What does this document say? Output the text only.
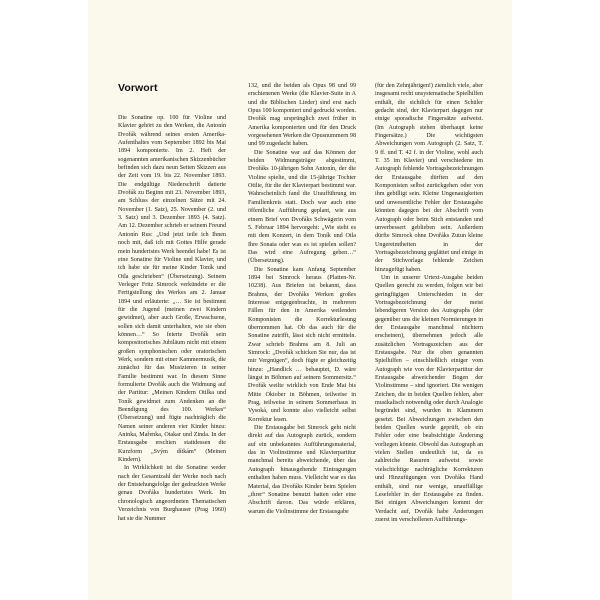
Vorwort

Die Sonatine op. 100 für Violine und Klavier gehört zu den Werken, die Antonín Dvořák während seines ersten Amerika-Aufenthaltes vom September 1892 bis Mai 1894 komponierte. Im 2. Heft der sogenannten amerikanischen Skizzenbücher befinden sich dazu neun Seiten Skizzen aus der Zeit vom 19. bis 22. November 1893. Die endgültige Niederschrift datierte Dvořák zu Beginn mit 23. November 1893, am Schluss der einzelnen Sätze mit 24. November (1. Satz), 25. November (2. und 3. Satz) und 3. Dezember 1893 (4. Satz). Am 12. Dezember schrieb er seinem Freund Antonín Rus: „Und jetzt teile ich Ihnen noch mit, daß ich mit Gottes Hilfe gerade mein hundertstes Werk beendet habe! Es ist eine Sonatine für Violine und Klavier, und ich habe sie für meine Kinder Toník und Otla geschrieben“ (Übersetzung). Seinem Verleger Fritz Simrock verkündete er die Fertigstellung des Werkes am 2. Januar 1894 und erläuterte: „… Sie ist bestimmt für die Jugend (meinen zwei Kindern gewidmet), aber auch Große, Erwachsene, sollen sich damit unterhalten, wie sie eben können…“ So feierte Dvořák sein kompositorisches Jubiläum nicht mit einem großen symphonischen oder oratorischen Werk, sondern mit einer Kammermusik, die zunächst für das Musizieren in seiner Familie bestimmt war. In diesem Sinne formulierte Dvořák auch die Widmung auf der Partitur: „Meinen Kindern Otilka und Toník gewidmet zum Andenken an die Beendigung des 100. Werkes“ (Übersetzung) und fügte nachträglich die Namen seiner anderen vier Kinder hinzu: Aninka, Mařenka, Otakar und Zinda. In der Erstausgabe erschien stattdessen die Kurzform „Svým dítkám“ (Meinen Kindern).

In Wirklichkeit ist die Sonatine weder nach der Gesamtzahl der Werke noch nach der Entstehungsfolge der gedruckten Werke genau Dvořáks hundertstes Werk. Im chronologisch angeordneten Thematischen Verzeichnis von Burghauser (Prag 1960) hat sie die Nummer

132, und die beiden als Opus 98 und 99 erschienenen Werke (die Klavier-Suite in A und die Biblischen Lieder) sind erst nach Opus 100 komponiert und gedruckt worden. Dvořák mag ursprünglich zwei früher in Amerika komponierten und für den Druck vorgesehenen Werken die Opusnummern 98 und 99 zugedacht haben.

Die Sonatine war auf das Können der beiden Widmungsträger abgestimmt, Dvořáks 10-jährigen Sohn Antonín, der die Violine spielte, und die 15-jährige Tochter Otilie, für die der Klavierpart bestimmt war. Wahrscheinlich fand die Uraufführung im Familienkreis statt. Doch war auch eine öffentliche Aufführung geplant, wie aus einem Brief von Dvořáks Schwägerin vom 5. Februar 1894 hervorgeht: „Wie steht es mit dem Konzert, in dem Toník und Otla Ihre Sonata oder was es ist spielen sollen? Das wird eine Aufregung geben…“ (Übersetzung).

Die Sonatine kam Anfang September 1894 bei Simrock heraus (Platten-Nr. 10238). Aus Briefen ist bekannt, dass Brahms, der Dvořáks Werken großes Interesse entgegenbrachte, in mehreren Fällen für den in Amerika weilenden Komponisten die Korrekturlesung übernommen hat. Ob das auch für die Sonatine zutrifft, lässt sich nicht ermitteln. Zwar schrieb Brahms am 8. Juli an Simrock: „Dvořák schicken Sie nur, das ist mir Vergnügen“, doch fügte er gleichzeitig hinzu: „Handlick … behauptet, D. wäre längst in Böhmen auf seinem Sommersitz.“ Dvořák weilte wirklich von Ende Mai bis Mitte Oktober in Böhmen, teilweise in Prag, teilweise in seinem Sommerhaus in Vysoká, und konnte also vielleicht selbst Korrektur lesen.

Die Erstausgabe bei Simrock geht nicht direkt auf das Autograph zurück, sondern auf ein unbekanntes Aufführungsmaterial, das in Violinstimme und Klavierpartitur manchmal bereits abweichende, über das Autograph hinausgehende Eintragungen enthalten haben muss. Vielleicht war es das Material, das Dvořáks Kinder beim Spielen „ihrer“ Sonatine benutzt hatten oder eine Abschrift davon. Das würde erklären, warum die Violinstimme der Erstausgabe

(für den Zehnjährigen!) ziemlich viele, aber insgesamt recht unsystematische Spielhilfen enthält, die sichtlich für einen Schüler gedacht sind, der Klavierpart dagegen nur einige sporadische Fingersätze aufweist. (Im Autograph stehen überhaupt keine Fingersätze.) Die wichtigsten Abweichungen vom Autograph (2. Satz, T. 9 ff. und T. 42 f. in der Violine, wohl auch T. 35 im Klavier) und verschiedene im Autograph fehlende Vortragsbezeichnungen der Erstausgabe dürften auf den Komponisten selbst zurückgehen oder von ihm gebilligt sein. Kleine Ungenauigkeiten und unwesentliche Fehler der Erstausgabe könnten dagegen bei der Abschrift vom Autograph oder beim Stich entstanden und unverbessert geblieben sein. Außerdem dürfte Simrock ohne Dvořáks Zutun kleine Ungereimtheiten in der Vortragsbezeichnung geglättet und einige in der Stichvorlage fehlende Zeichen hinzugefügt haben.

Um in unserer Urtext-Ausgabe beiden Quellen gerecht zu werden, folgen wir bei geringfügigen Unterschieden in der Vortragsbezeichnung der meist lebendigeren Version des Autographs (der gegenüber uns die kleinen Normierungen in der Erstausgabe manchmal nüchtern erscheinen), übernehmen jedoch alle zusätzlichen Vortragszeichen aus der Erstausgabe. Nur die oben genannten Spielhilfen – einschließlich einiger vom Autograph wie von der Klavierpartitur der Erstausgabe abweichender Bogen der Violinstimme – sind ignoriert. Die wenigen Zeichen, die in beiden Quellen fehlen, aber musikalisch notwendig oder durch Analogie begründet sind, wurden in Klammern gesetzt. Bei Abweichungen zwischen den beiden Quellen wurde geprüft, ob ein Fehler oder eine beabsichtigte Änderung vorliegen könnte. Obwohl das Autograph an vielen Stellen undeutlich ist, da es zahlreiche Rasuren aufweist sowie vielschichtige nachträgliche Korrekturen und Hinzufügungen von Dvořáks Hand enthält, sind nur wenige, unauffällige Lesefehler in der Erstausgabe zu finden. Bei einigen Abweichungen kommt der Verdacht auf, Dvořák habe Änderungen zuerst im verschollenen Aufführungs-
